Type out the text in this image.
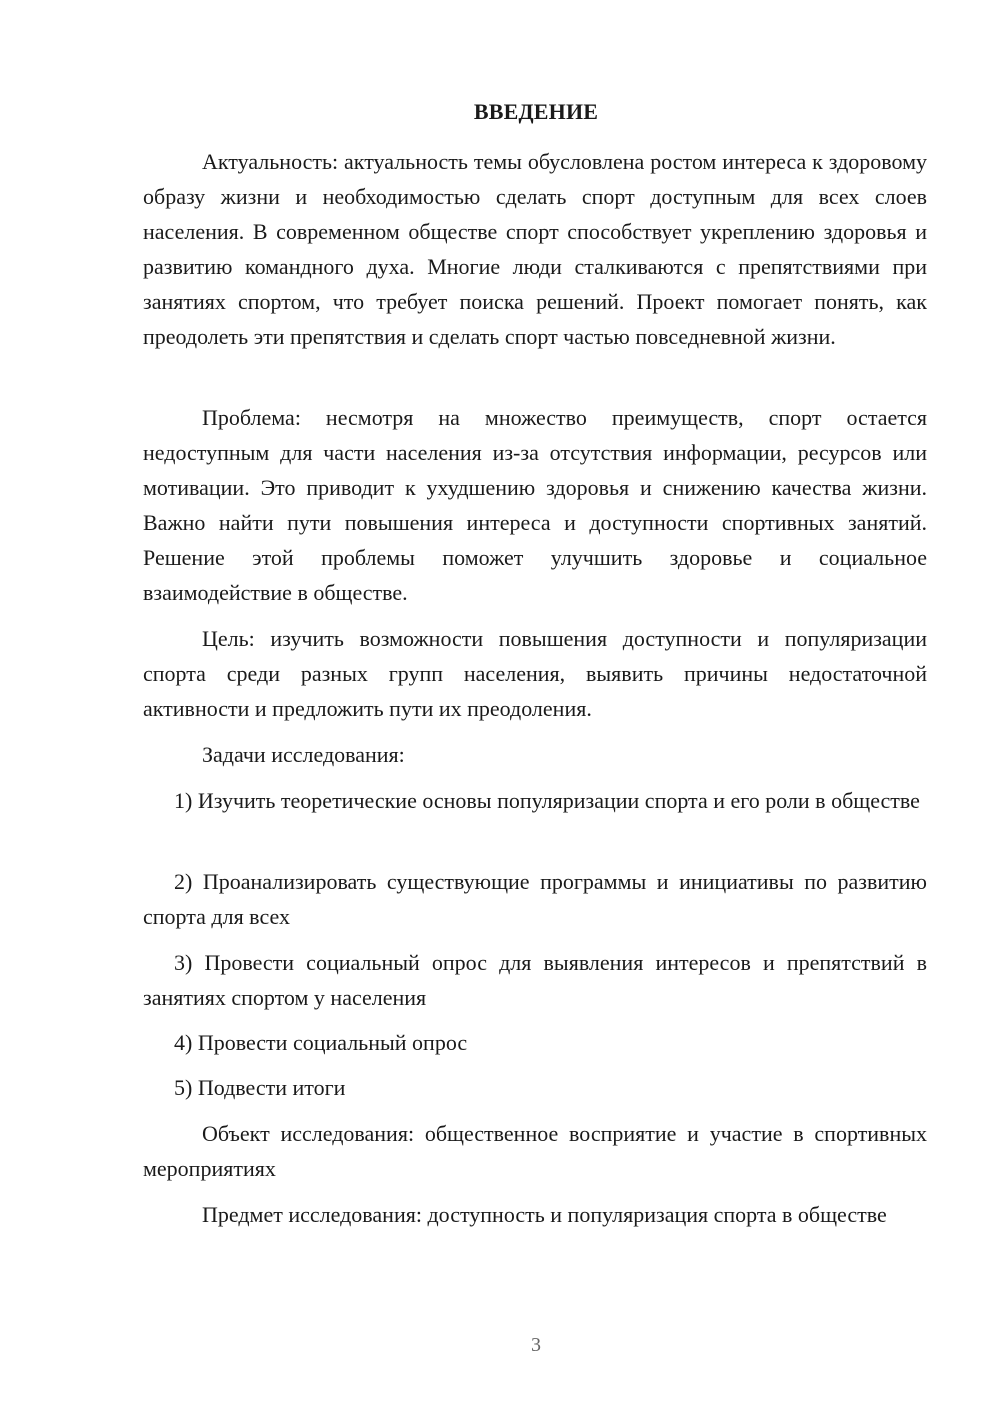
ВВЕДЕНИЕ

Актуальность: актуальность темы обусловлена ростом интереса к здоровому образу жизни и необходимостью сделать спорт доступным для всех слоев населения. В современном обществе спорт способствует укреплению здоровья и развитию командного духа. Многие люди сталкиваются с препятствиями при занятиях спортом, что требует поиска решений. Проект помогает понять, как преодолеть эти препятствия и сделать спорт частью повседневной жизни.

Проблема: несмотря на множество преимуществ, спорт остается недоступным для части населения из-за отсутствия информации, ресурсов или мотивации. Это приводит к ухудшению здоровья и снижению качества жизни. Важно найти пути повышения интереса и доступности спортивных занятий. Решение этой проблемы поможет улучшить здоровье и социальное взаимодействие в обществе.

Цель: изучить возможности повышения доступности и популяризации спорта среди разных групп населения, выявить причины недостаточной активности и предложить пути их преодоления.

Задачи исследования:

1) Изучить теоретические основы популяризации спорта и его роли в обществе

2) Проанализировать существующие программы и инициативы по развитию спорта для всех

3) Провести социальный опрос для выявления интересов и препятствий в занятиях спортом у населения

4) Провести социальный опрос

5) Подвести итоги

Объект исследования: общественное восприятие и участие в спортивных мероприятиях

Предмет исследования: доступность и популяризация спорта в обществе

3
